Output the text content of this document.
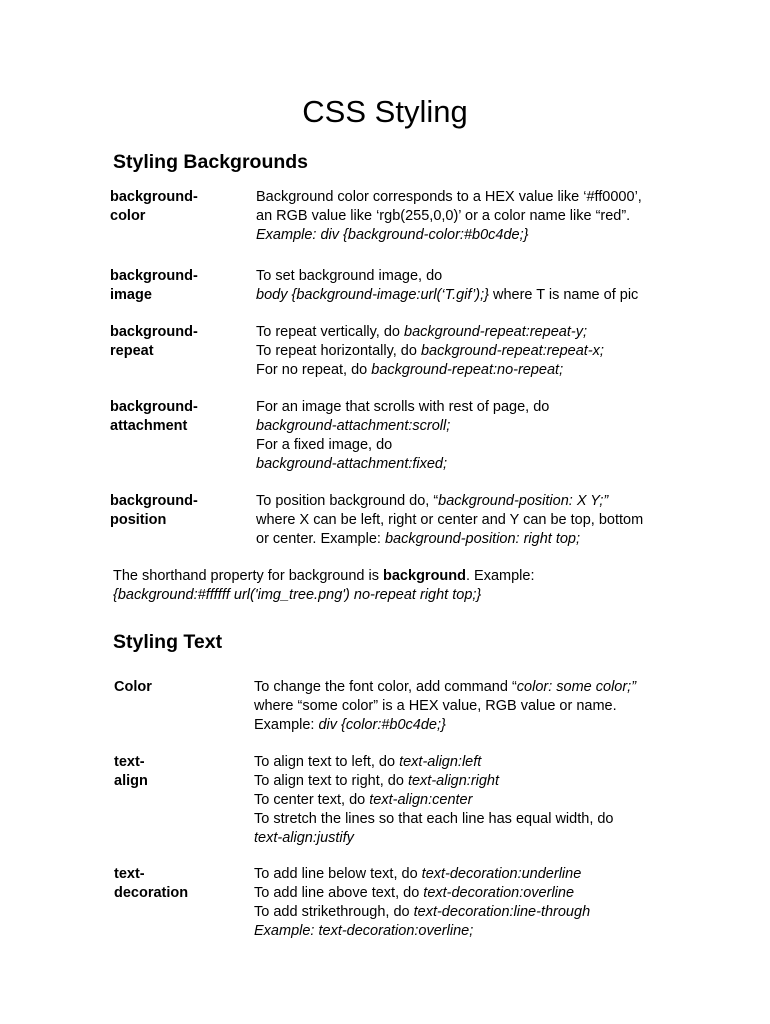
CSS Styling
Styling Backgrounds
background-color
Background color corresponds to a HEX value like ‘#ff0000’,
an RGB value like ‘rgb(255,0,0)’ or a color name like “red”.
Example: div {background-color:#b0c4de;}
background-
image
To set background image, do
body {background-image:url(‘T.gif’);} where T is name of pic
background-
repeat
To repeat vertically, do background-repeat:repeat-y;
To repeat horizontally, do background-repeat:repeat-x;
For no repeat, do background-repeat:no-repeat;
background-
attachment
For an image that scrolls with rest of page, do
background-attachment:scroll;
For a fixed image, do
background-attachment:fixed;
background-
position
To position background do, “background-position: X Y;”
where X can be left, right or center and Y can be top, bottom
or center. Example: background-position: right top;
The shorthand property for background is background. Example:
{background:#ffffff url('img_tree.png') no-repeat right top;}
Styling Text
Color	To change the font color, add command “color: some color;”
where “some color” is a HEX value, RGB value or name.
Example: div {color:#b0c4de;}
text-align
To align text to left, do text-align:left
To align text to right, do text-align:right
To center text, do text-align:center
To stretch the lines so that each line has equal width, do
text-align:justify
text-decoration
To add line below text, do text-decoration:underline
To add line above text, do text-decoration:overline
To add strikethrough, do text-decoration:line-through
Example: text-decoration:overline;
